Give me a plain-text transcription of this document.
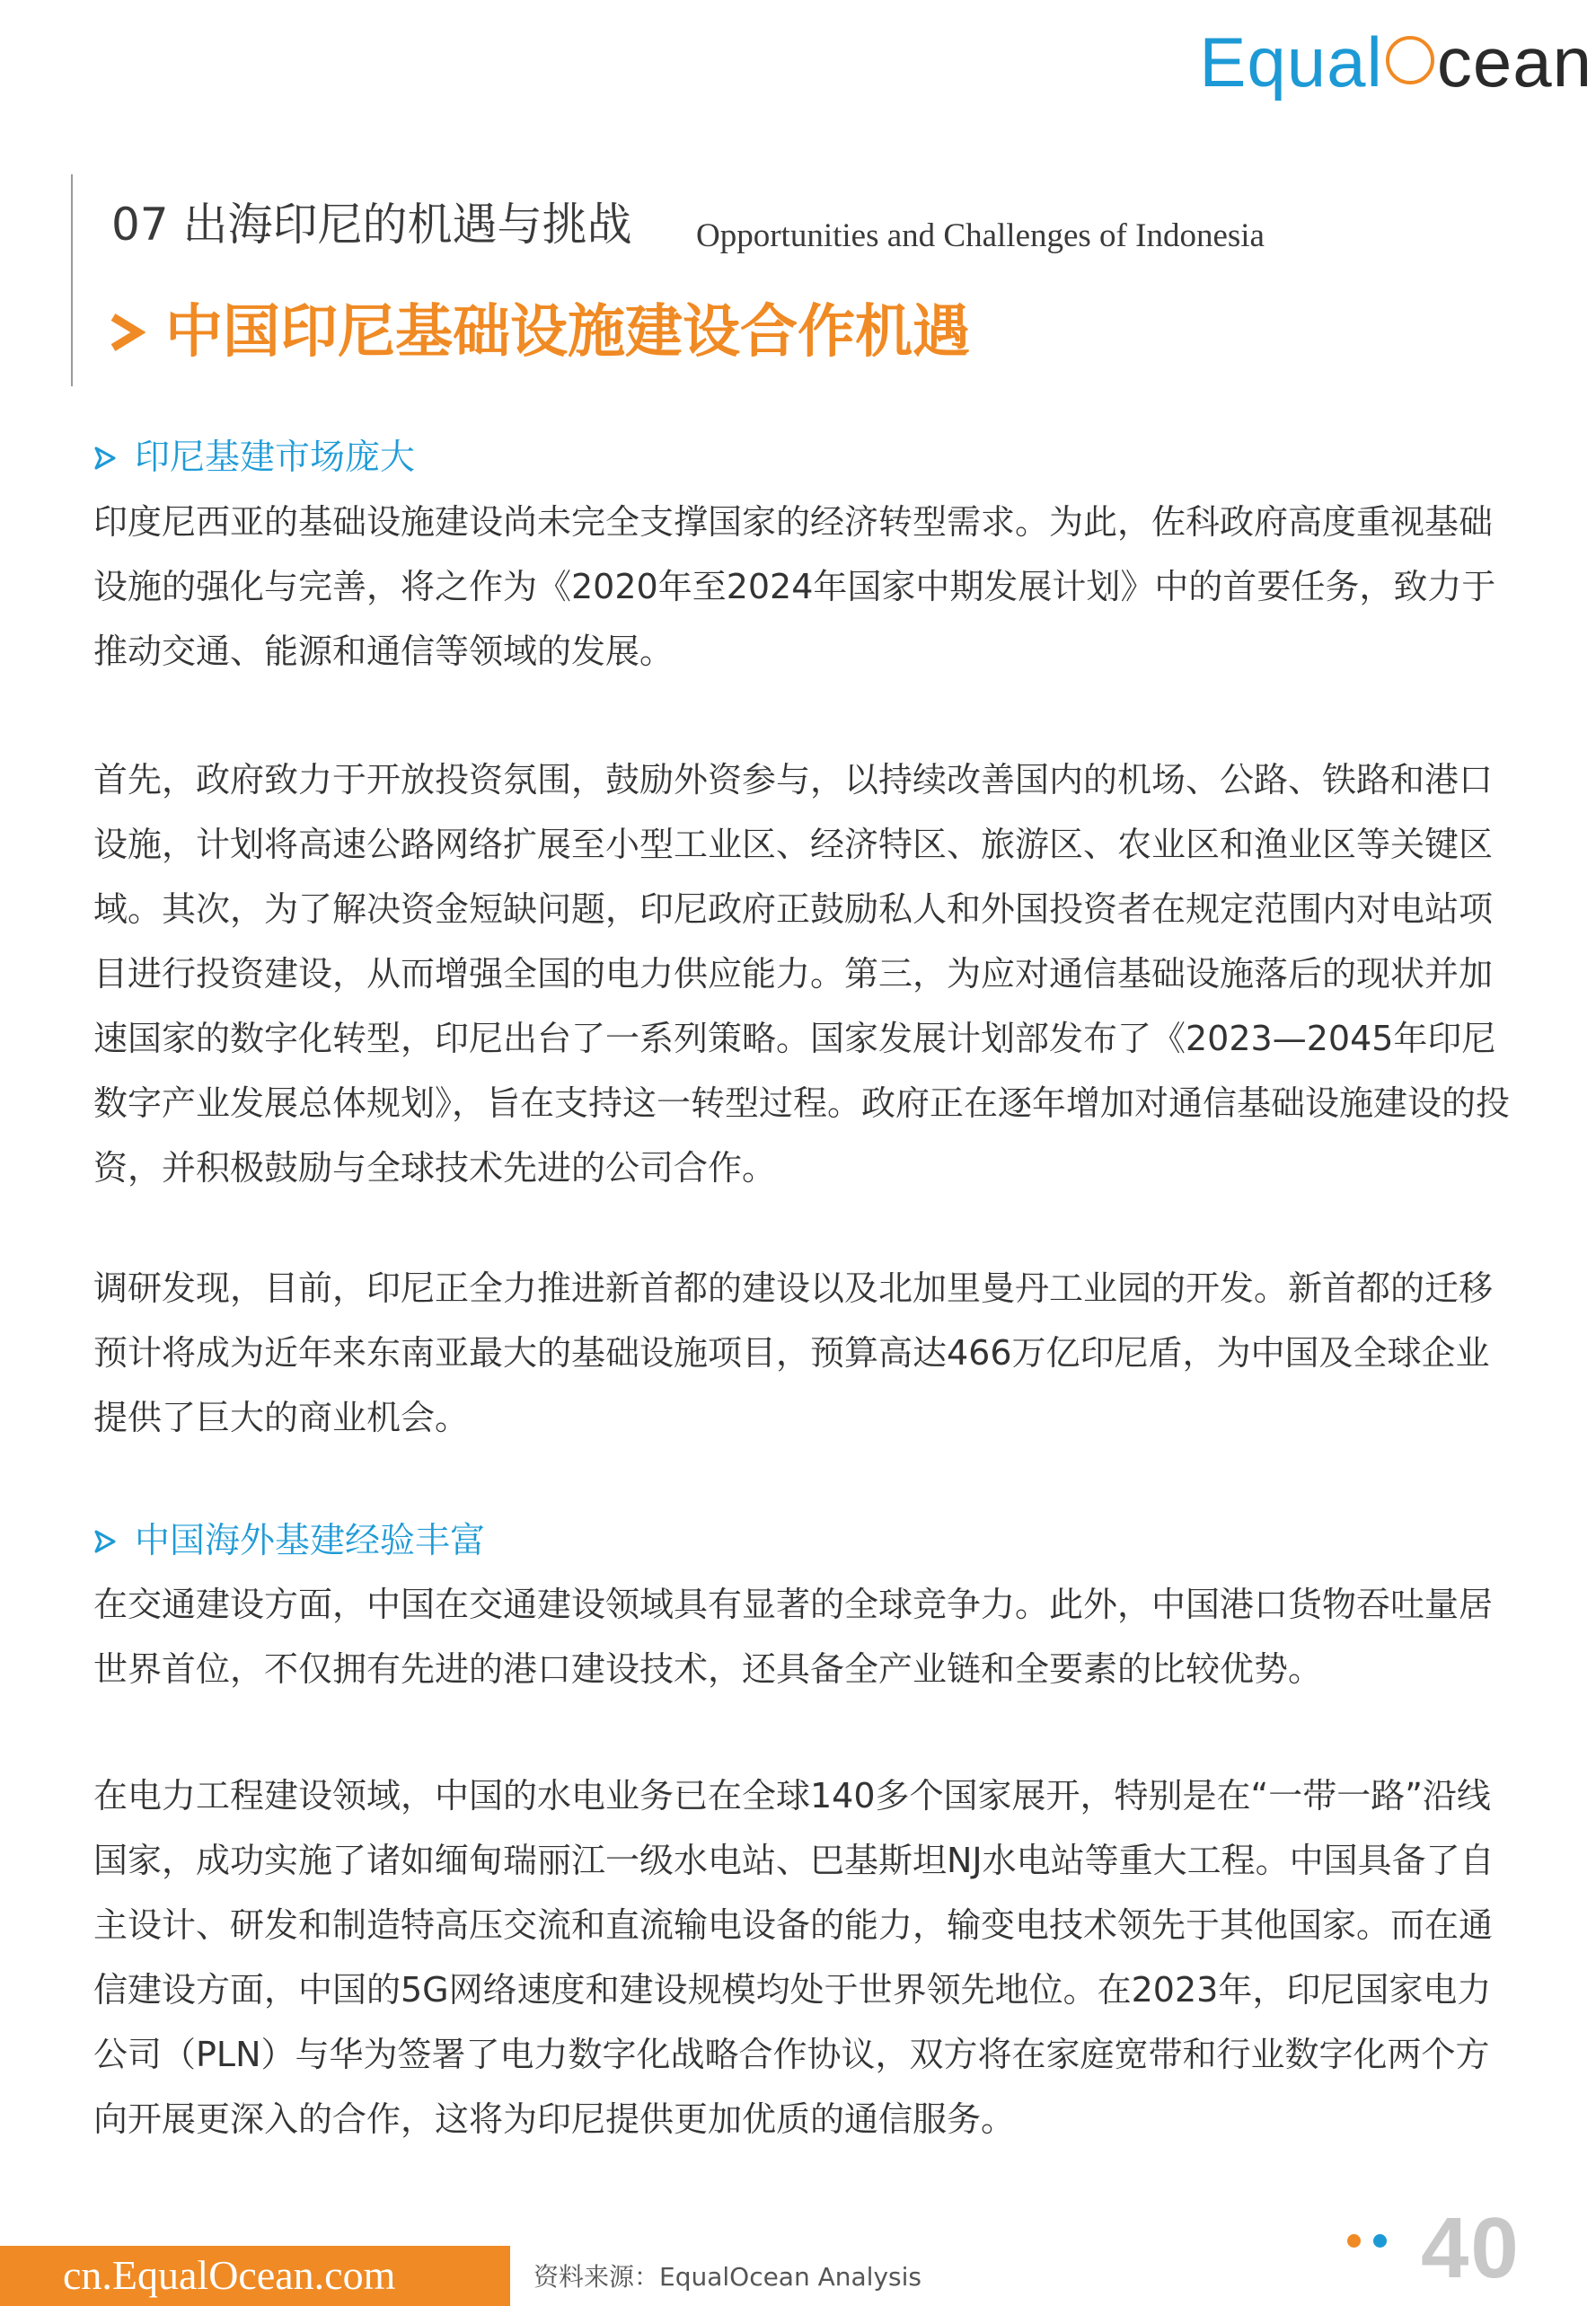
Equal cean
07 出海印尼的机遇与挑战 Opportunities and Challenges of Indonesia
中国印尼基础设施建设合作机遇
印尼基建市场庞大

印度尼西亚的基础设施建设尚未完全支撑国家的经济转型需求。为此，佐科政府高度重视基础设施的强化与完善，将之作为《2020年至2024年国家中期发展计划》中的首要任务，致力于推动交通、能源和通信等领域的发展。

首先，政府致力于开放投资氛围，鼓励外资参与，以持续改善国内的机场、公路、铁路和港口设施，计划将高速公路网络扩展至小型工业区、经济特区、旅游区、农业区和渔业区等关键区域。其次，为了解决资金短缺问题，印尼政府正鼓励私人和外国投资者在规定范围内对电站项目进行投资建设，从而增强全国的电力供应能力。第三，为应对通信基础设施落后的现状并加速国家的数字化转型，印尼出台了一系列策略。国家发展计划部发布了《2023—2045年印尼数字产业发展总体规划》，旨在支持这一转型过程。政府正在逐年增加对通信基础设施建设的投资，并积极鼓励与全球技术先进的公司合作。

调研发现，目前，印尼正全力推进新首都的建设以及北加里曼丹工业园的开发。新首都的迁移预计将成为近年来东南亚最大的基础设施项目，预算高达466万亿印尼盾，为中国及全球企业提供了巨大的商业机会。

中国海外基建经验丰富

在交通建设方面，中国在交通建设领域具有显著的全球竞争力。此外，中国港口货物吞吐量居世界首位，不仅拥有先进的港口建设技术，还具备全产业链和全要素的比较优势。

在电力工程建设领域，中国的水电业务已在全球140多个国家展开，特别是在“一带一路”沿线国家，成功实施了诸如缅甸瑞丽江一级水电站、巴基斯坦NJ水电站等重大工程。中国具备了自主设计、研发和制造特高压交流和直流输电设备的能力，输变电技术领先于其他国家。而在通信建设方面，中国的5G网络速度和建设规模均处于世界领先地位。在2023年，印尼国家电力公司（PLN）与华为签署了电力数字化战略合作协议，双方将在家庭宽带和行业数字化两个方向开展更深入的合作，这将为印尼提供更加优质的通信服务。

cn.EqualOcean.com	资料来源：EqualOcean Analysis	40
